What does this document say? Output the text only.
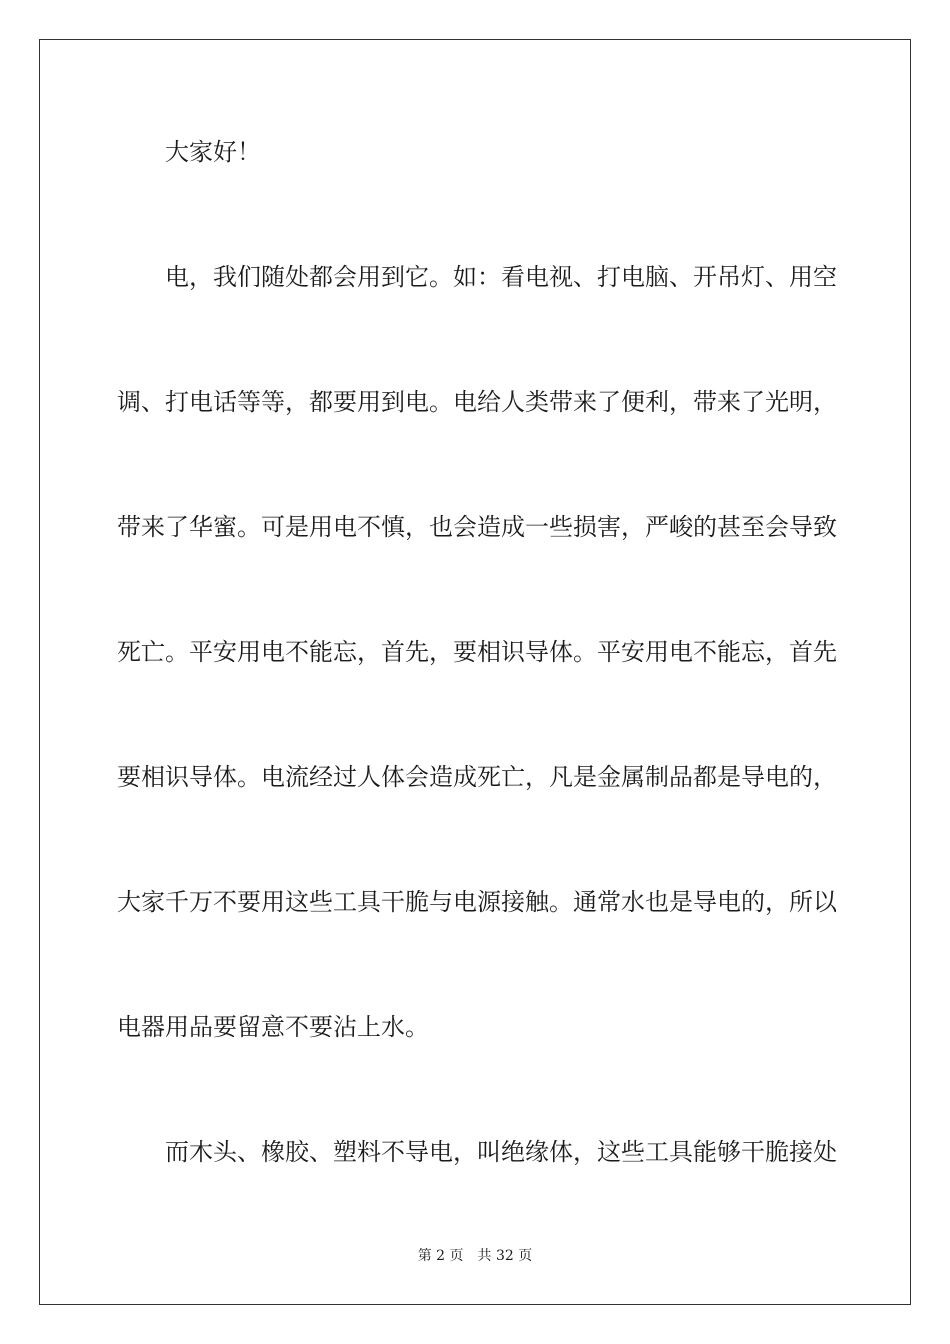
大家好！
电，我们随处都会用到它。如：看电视、打电脑、开吊灯、用空
调、打电话等等，都要用到电。电给人类带来了便利，带来了光明，
带来了华蜜。可是用电不慎，也会造成一些损害，严峻的甚至会导致
死亡。平安用电不能忘，首先，要相识导体。平安用电不能忘，首先
要相识导体。电流经过人体会造成死亡，凡是金属制品都是导电的，
大家千万不要用这些工具干脆与电源接触。通常水也是导电的，所以
电器用品要留意不要沾上水。
而木头、橡胶、塑料不导电，叫绝缘体，这些工具能够干脆接处
第 2 页 共 32 页
